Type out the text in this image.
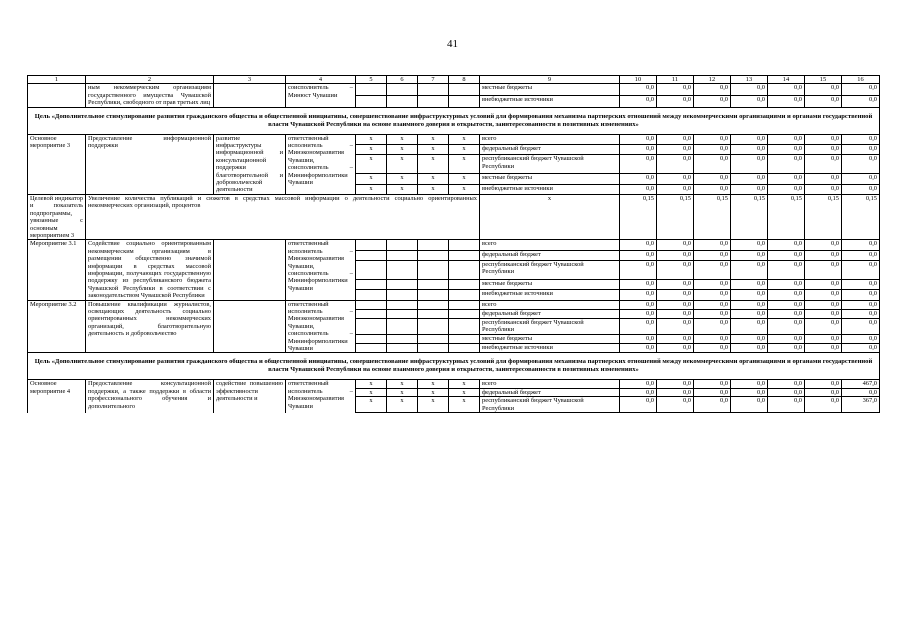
41
1	2	3	4	5	6	7	8	9	10	11	12	13	14	15	16
	ным некоммерческим организациям государственного имущества Чувашской Республики, свободного от прав третьих лиц		соисполнитель – Минюст Чувашии					местные бюджеты	0,0	0,0	0,0	0,0	0,0	0,0	0,0
								внебюджетные источники	0,0	0,0	0,0	0,0	0,0	0,0	0,0
Цель «Дополнительное стимулирование развития гражданского общества и общественной инициативы, совершенствование инфраструктурных условий для формирования механизма партнерских отношений между некоммерческими организациями и органами государственной власти Чувашской Республики на основе взаимного доверия и открытости, заинтересованности в позитивных изменениях»															
Основное мероприятие 3	Предоставление информационной поддержки	развитие инфраструктуры информационной и консультационной поддержки благотворительной и добровольческой деятельности	ответственный исполнитель – Минэкономразвития Чувашии, соисполнитель – Мининформполитики Чувашии	x	x	x	x	всего	0,0	0,0	0,0	0,0	0,0	0,0	0,0
				x	x	x	x	федеральный бюджет	0,0	0,0	0,0	0,0	0,0	0,0	0,0
				x	x	x	x	республиканский бюджет Чувашской Республики	0,0	0,0	0,0	0,0	0,0	0,0	0,0
				x	x	x	x	местные бюджеты	0,0	0,0	0,0	0,0	0,0	0,0	0,0
				x	x	x	x	внебюджетные источники	0,0	0,0	0,0	0,0	0,0	0,0	0,0
Целевой индикатор и показатель подпрограммы, увязанные с основным мероприятием 3	Увеличение количества публикаций и сюжетов в средствах массовой информации о деятельности социально ориентированных некоммерческих организаций, процентов							x	0,15	0,15	0,15	0,15	0,15	0,15	0,15
Мероприятие 3.1	Содействие социально ориентированным некоммерческим организациям в размещении общественно значимой информации в средствах массовой информации, получающих государственную поддержку из республиканского бюджета Чувашской Республики в соответствии с законодательством Чувашской Республики		ответственный исполнитель – Минэкономразвития Чувашии, соисполнитель – Мининформполитики Чувашии					всего	0,0	0,0	0,0	0,0	0,0	0,0	0,0
								федеральный бюджет	0,0	0,0	0,0	0,0	0,0	0,0	0,0
								республиканский бюджет Чувашской Республики	0,0	0,0	0,0	0,0	0,0	0,0	0,0
								местные бюджеты	0,0	0,0	0,0	0,0	0,0	0,0	0,0
								внебюджетные источники	0,0	0,0	0,0	0,0	0,0	0,0	0,0
Мероприятие 3.2	Повышение квалификации журналистов, освещающих деятельность социально ориентированных некоммерческих организаций, благотворительную деятельность и добровольчество		ответственный исполнитель – Минэкономразвития Чувашии, соисполнитель – Мининформполитики Чувашии					всего	0,0	0,0	0,0	0,0	0,0	0,0	0,0
								федеральный бюджет	0,0	0,0	0,0	0,0	0,0	0,0	0,0
								республиканский бюджет Чувашской Республики	0,0	0,0	0,0	0,0	0,0	0,0	0,0
								местные бюджеты	0,0	0,0	0,0	0,0	0,0	0,0	0,0
								внебюджетные источники	0,0	0,0	0,0	0,0	0,0	0,0	0,0
Цель «Дополнительное стимулирование развития гражданского общества и общественной инициативы, совершенствование инфраструктурных условий для формирования механизма партнерских отношений между некоммерческими организациями и органами государственной власти Чувашской Республики на основе взаимного доверия и открытости, заинтересованности в позитивных изменениях»															
Основное мероприятие 4	Предоставление консультационной поддержки, а также поддержки в области профессионального обучения и дополнительного	содействие повышению эффективности деятельности и	ответственный исполнитель – Минэкономразвития Чувашии	x	x	x	x	всего	0,0	0,0	0,0	0,0	0,0	0,0	467,0
				x	x	x	x	федеральный бюджет	0,0	0,0	0,0	0,0	0,0	0,0	0,0
				x	x	x	x	республиканский бюджет Чувашской Республики	0,0	0,0	0,0	0,0	0,0	0,0	367,0
